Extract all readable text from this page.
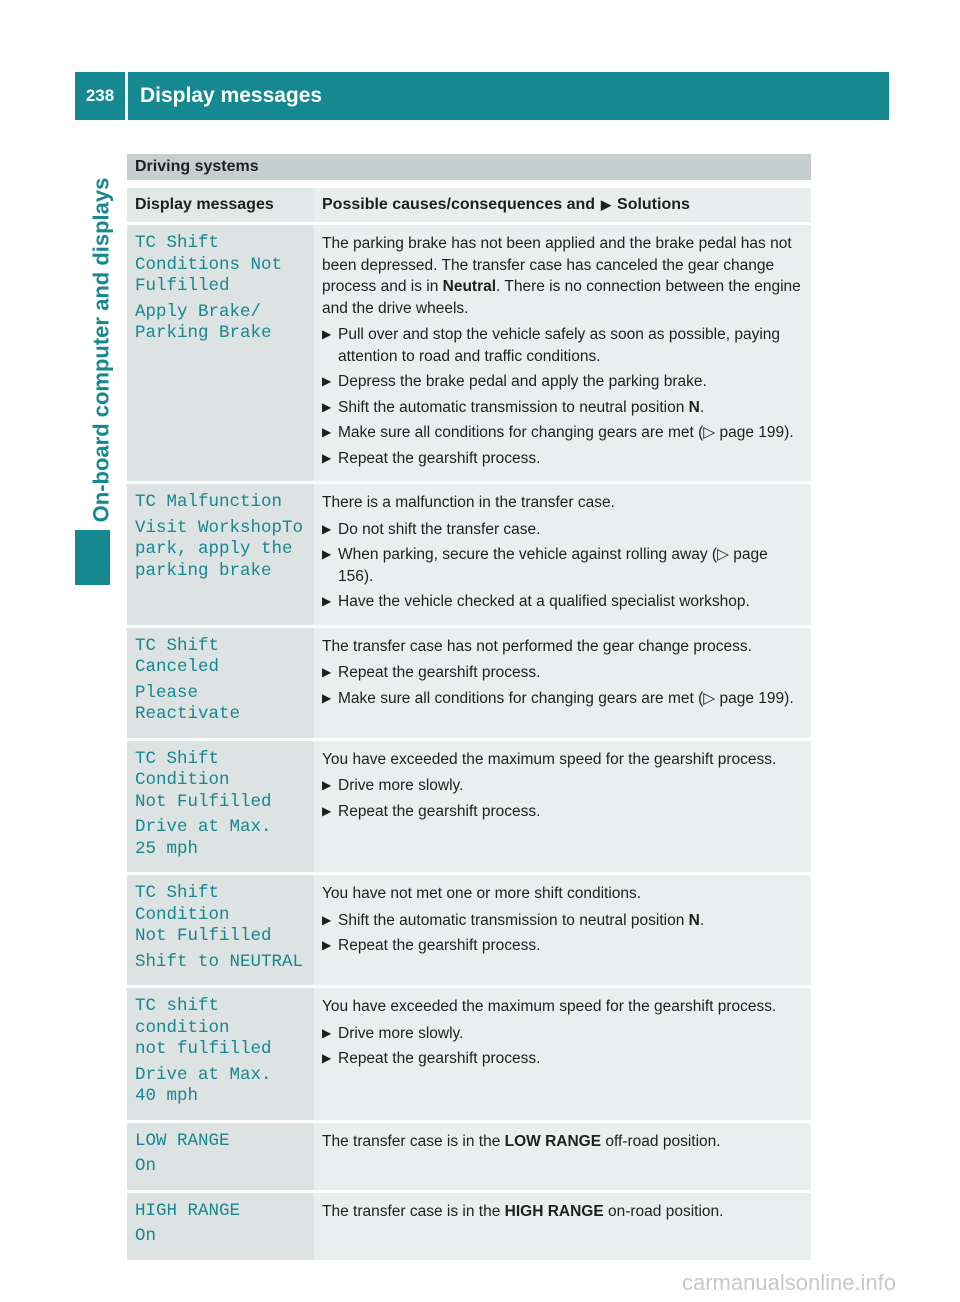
238	Display messages
On-board computer and displays
Driving systems
Display messages	Possible causes/consequences and ▶ Solutions
TC Shift
Conditions Not
Fulfilled
Apply Brake/
Parking Brake

The parking brake has not been applied and the brake pedal has not been depressed. The transfer case has canceled the gear change process and is in Neutral. There is no connection between the engine and the drive wheels.

▶ Pull over and stop the vehicle safely as soon as possible, paying attention to road and traffic conditions.
▶ Depress the brake pedal and apply the parking brake.
▶ Shift the automatic transmission to neutral position N.
▶ Make sure all conditions for changing gears are met (▷ page 199).
▶ Repeat the gearshift process.
TC Malfunction
Visit WorkshopTo
park, apply the
parking brake

There is a malfunction in the transfer case.

▶ Do not shift the transfer case.
▶ When parking, secure the vehicle against rolling away (▷ page 156).
▶ Have the vehicle checked at a qualified specialist workshop.
TC Shift Canceled
Please Reactivate

The transfer case has not performed the gear change process.

▶ Repeat the gearshift process.
▶ Make sure all conditions for changing gears are met (▷ page 199).
TC Shift Condition
Not Fulfilled
Drive at Max.
25 mph

You have exceeded the maximum speed for the gearshift process.

▶ Drive more slowly.
▶ Repeat the gearshift process.
TC Shift Condition
Not Fulfilled
Shift to NEUTRAL

You have not met one or more shift conditions.

▶ Shift the automatic transmission to neutral position N.
▶ Repeat the gearshift process.
TC shift condition
not fulfilled
Drive at Max.
40 mph

You have exceeded the maximum speed for the gearshift process.

▶ Drive more slowly.
▶ Repeat the gearshift process.
LOW RANGE
On

The transfer case is in the LOW RANGE off-road position.

HIGH RANGE
On

The transfer case is in the HIGH RANGE on-road position.

carmanualsonline.info
